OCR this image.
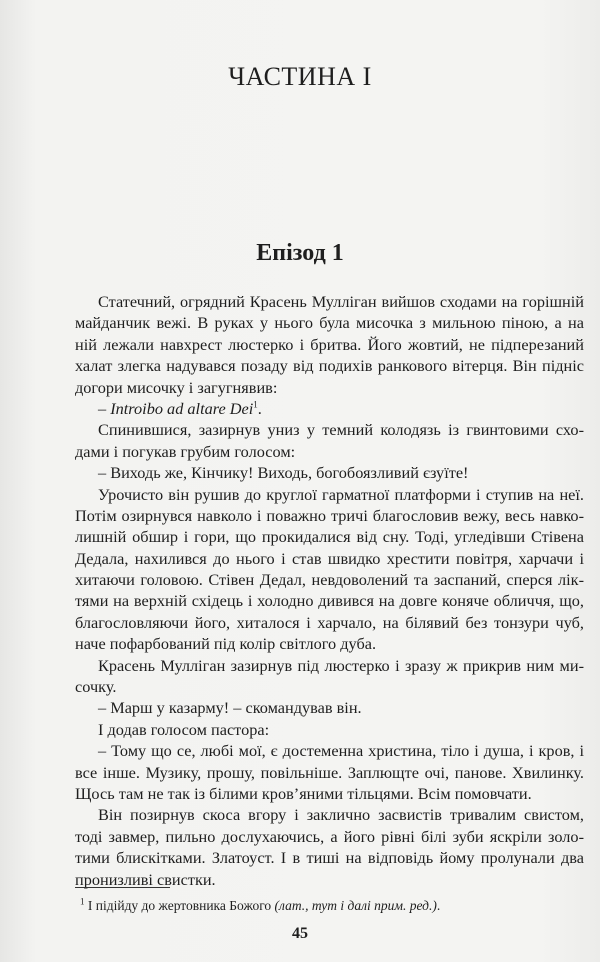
ЧАСТИНА I
Епізод 1
Статечний, огрядний Красень Мулліган вийшов сходами на горішній
майданчик вежі. В руках у нього була мисочка з мильною піною, а на
ній лежали навхрест люстерко і бритва. Його жовтий, не підперезаний
халат злегка надувався позаду від подихів ранкового вітерця. Він підніс
догори мисочку і загугнявив:
– Introibo ad altare Dei$^1$.
Спинившися, зазирнув униз у темний колодязь із гвинтовими схо-
дами і погукав грубим голосом:
– Виходь же, Кінчику! Виходь, богобоязливий єзуїте!
Урочисто він рушив до круглої гарматної платформи і ступив на неї.
Потім озирнувся навколо і поважно тричі благословив вежу, весь навко-
лишній обшир і гори, що прокидалися від сну. Тоді, угледівши Стівена
Дедала, нахилився до нього і став швидко хрестити повітря, харчачи і
хитаючи головою. Стівен Дедал, невдоволений та заспаний, сперся лік-
тями на верхній східець і холодно дивився на довге коняче обличчя, що,
благословляючи його, хиталося і харчало, на білявий без тонзури чуб,
наче пофарбований під колір світлого дуба.
Красень Мулліган зазирнув під люстерко і зразу ж прикрив ним ми-
сочку.
– Марш у казарму! – скомандував він.
І додав голосом пастора:
– Тому що се, любі мої, є достеменна христина, тіло і душа, і кров, і
все інше. Музику, прошу, повільніше. Заплющте очі, панове. Хвилинку.
Щось там не так із білими кров’яними тільцями. Всім помовчати.
Він позирнув скоса вгору і заклично засвистів тривалим свистом,
тоді завмер, пильно дослухаючись, а його рівні білі зуби яскріли золо-
тими блискітками. Златоуст. І в тиші на відповідь йому пролунали два
пронизливі свистки.
$^1$ І підійду до жертовника Божого (лат., тут і далі прим. ред.).
45
